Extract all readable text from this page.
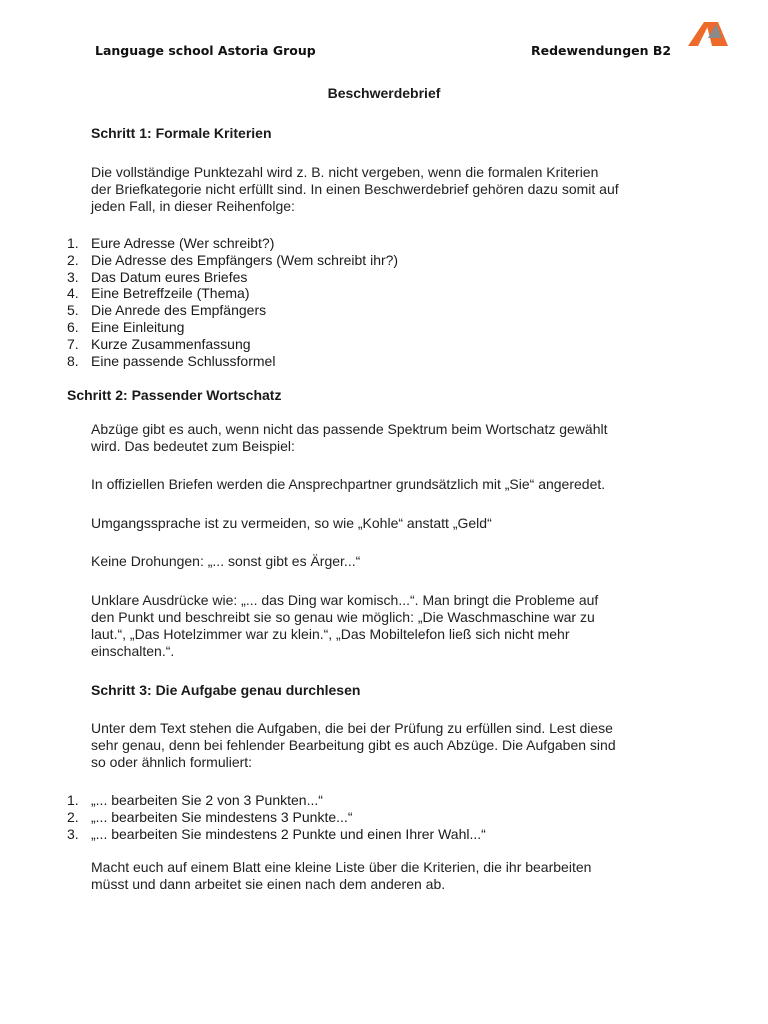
Language school Astoria Group	Redewendungen B2
Beschwerdebrief
Schritt 1: Formale Kriterien
Die vollständige Punktezahl wird z. B. nicht vergeben, wenn die formalen Kriterien
der Briefkategorie nicht erfüllt sind. In einen Beschwerdebrief gehören dazu somit auf
jeden Fall, in dieser Reihenfolge:
1. Eure Adresse (Wer schreibt?)
2. Die Adresse des Empfängers (Wem schreibt ihr?)
3. Das Datum eures Briefes
4. Eine Betreffzeile (Thema)
5. Die Anrede des Empfängers
6. Eine Einleitung
7. Kurze Zusammenfassung
8. Eine passende Schlussformel
Schritt 2: Passender Wortschatz
Abzüge gibt es auch, wenn nicht das passende Spektrum beim Wortschatz gewählt
wird. Das bedeutet zum Beispiel:
In offiziellen Briefen werden die Ansprechpartner grundsätzlich mit „Sie“ angeredet.
Umgangssprache ist zu vermeiden, so wie „Kohle“ anstatt „Geld“
Keine Drohungen: „... sonst gibt es Ärger...“
Unklare Ausdrücke wie: „... das Ding war komisch...“. Man bringt die Probleme auf
den Punkt und beschreibt sie so genau wie möglich: „Die Waschmaschine war zu
laut.“, „Das Hotelzimmer war zu klein.“, „Das Mobiltelefon ließ sich nicht mehr
einschalten.“.
Schritt 3: Die Aufgabe genau durchlesen
Unter dem Text stehen die Aufgaben, die bei der Prüfung zu erfüllen sind. Lest diese
sehr genau, denn bei fehlender Bearbeitung gibt es auch Abzüge. Die Aufgaben sind
so oder ähnlich formuliert:
1. „... bearbeiten Sie 2 von 3 Punkten...“
2. „... bearbeiten Sie mindestens 3 Punkte...“
3. „... bearbeiten Sie mindestens 2 Punkte und einen Ihrer Wahl...“
Macht euch auf einem Blatt eine kleine Liste über die Kriterien, die ihr bearbeiten
müsst und dann arbeitet sie einen nach dem anderen ab.
